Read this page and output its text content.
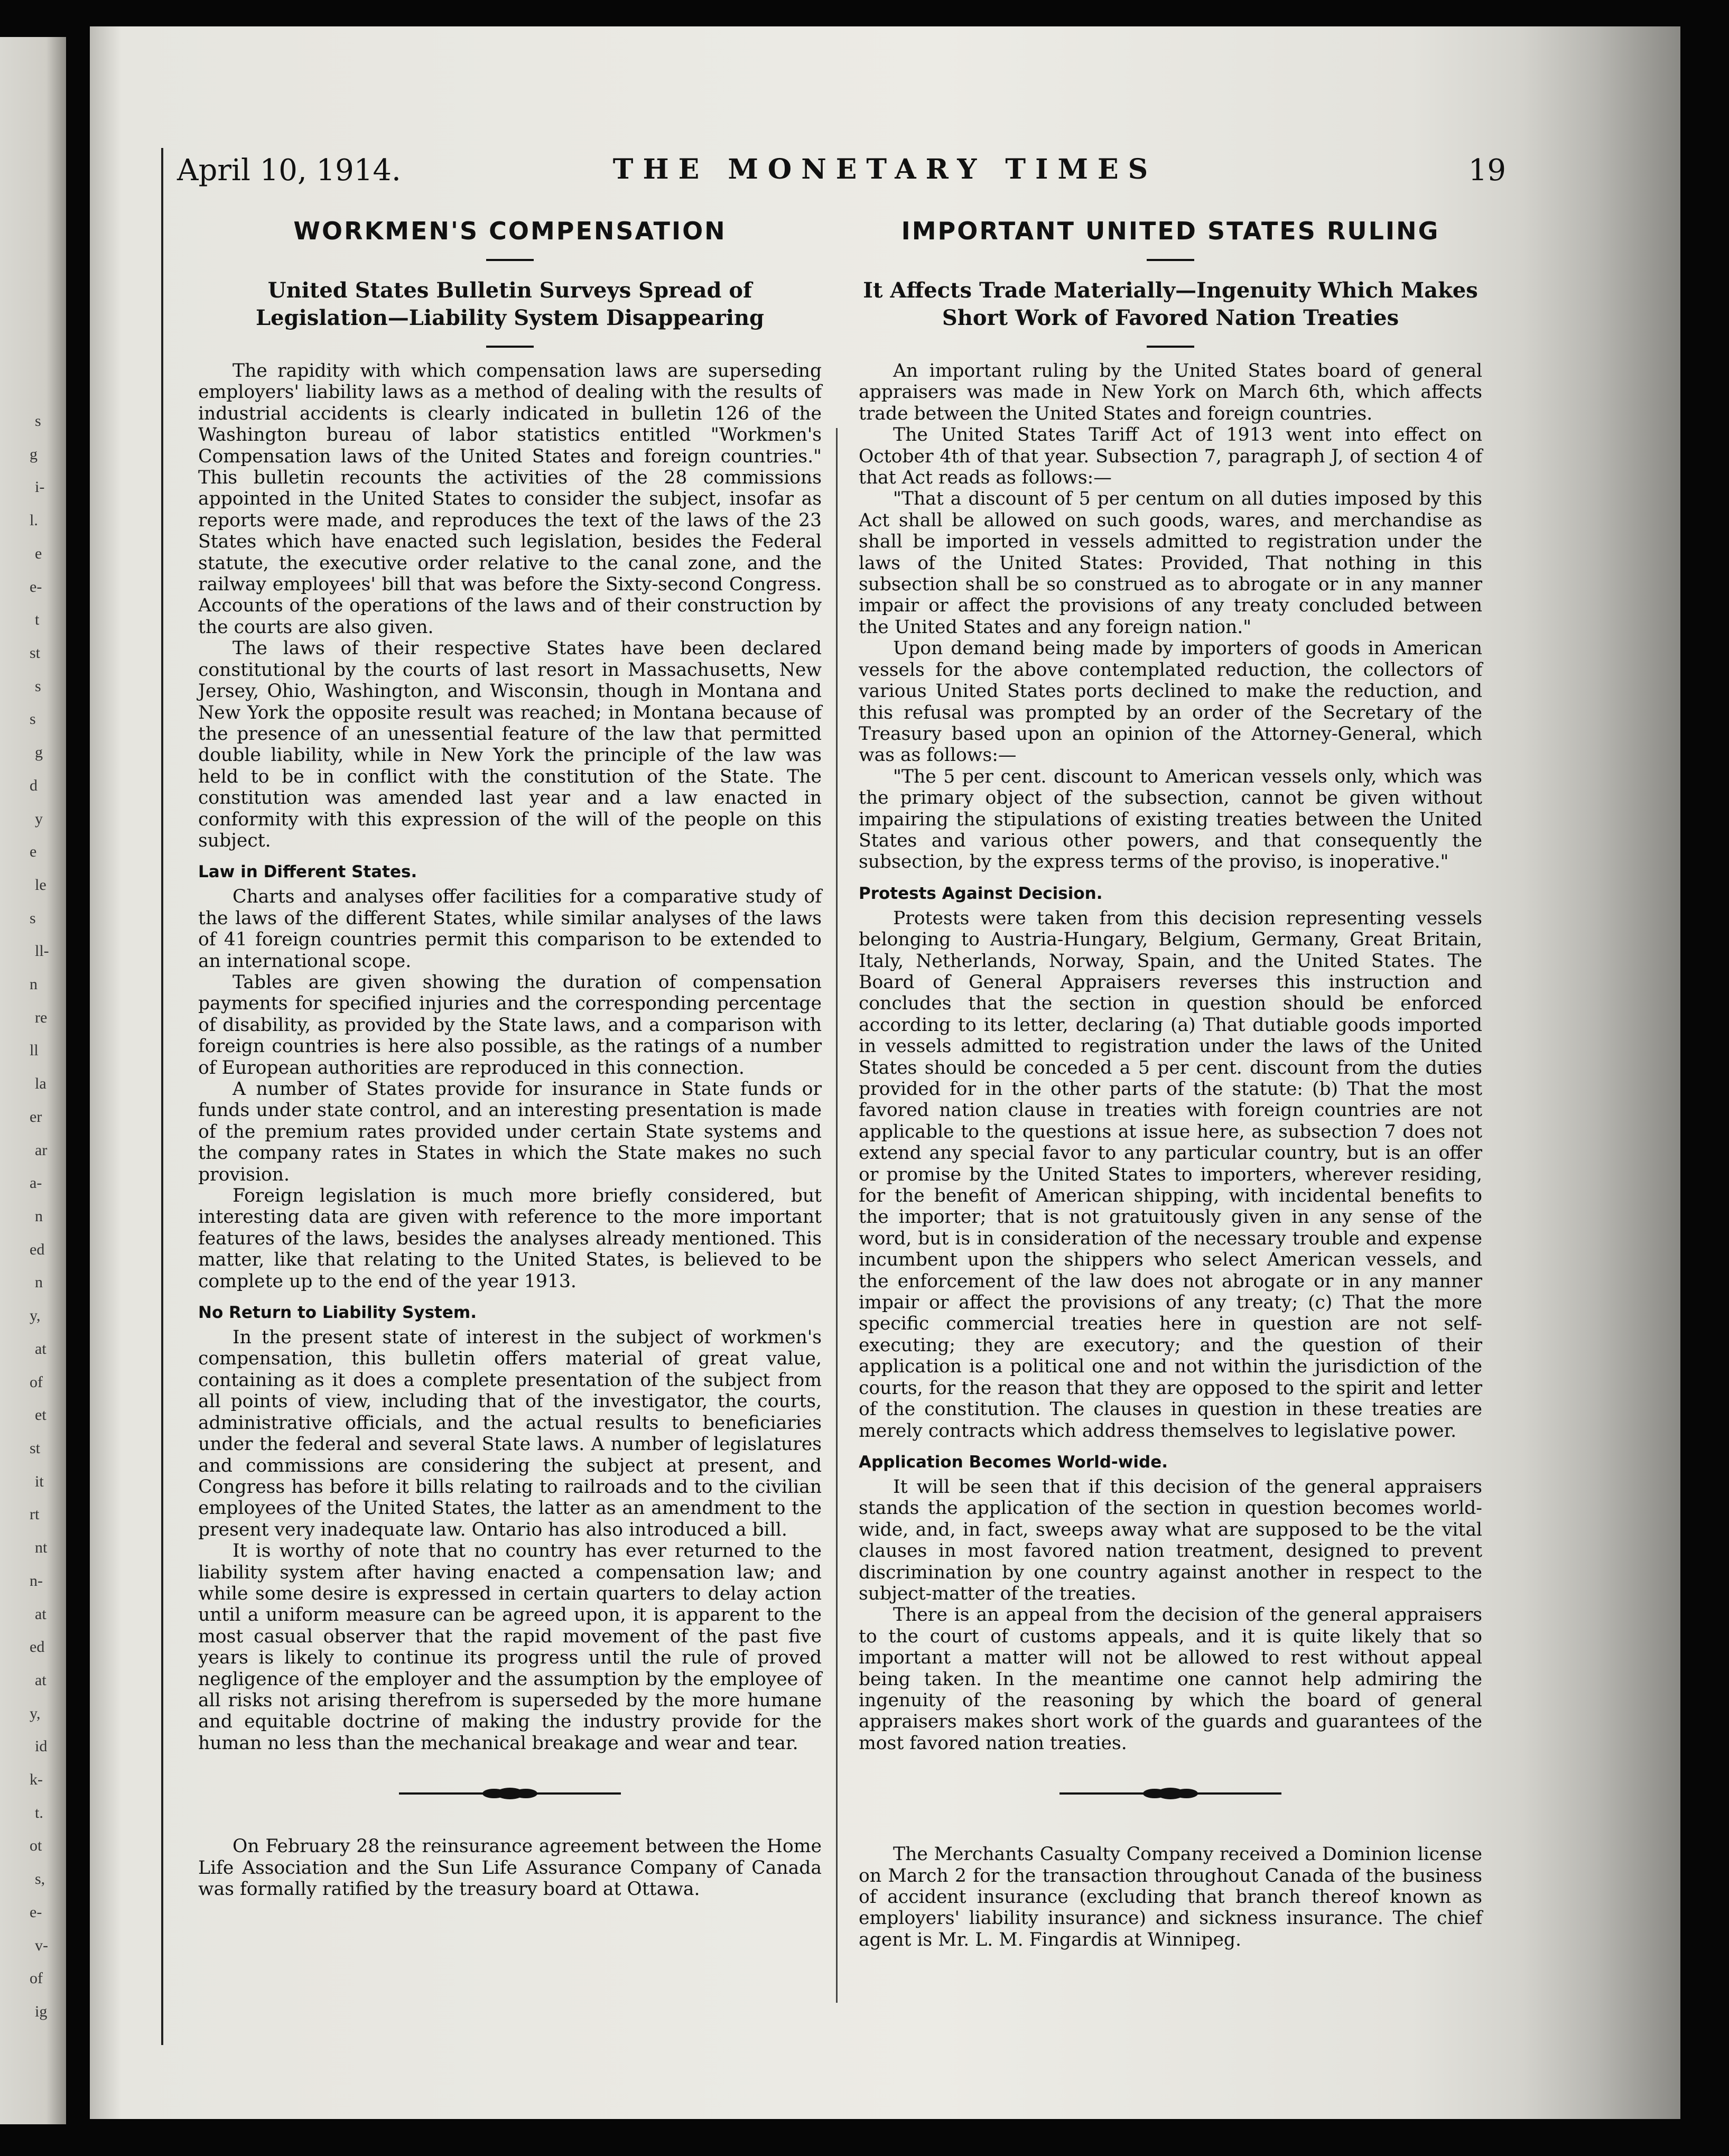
s
g
i-
l.
e
e-
t
st
s
s
g
d
y
e
le
s
ll-
n
re
ll
la
er
ar
a-
n
ed
n
y,
at
of
et
st
it
rt
nt
n-
at
ed
at
y,
id
k-
t.
ot
s,
e-
v-
of
ig
April 10, 1914.	THE MONETARY TIMES	19
WORKMEN'S COMPENSATION
United States Bulletin Surveys Spread of Legislation—Liability System Disappearing

The rapidity with which compensation laws are superseding employers' liability laws as a method of dealing with the results of industrial accidents is clearly indicated in bulletin 126 of the Washington bureau of labor statistics entitled "Workmen's Compensation laws of the United States and foreign countries." This bulletin recounts the activities of the 28 commissions appointed in the United States to consider the subject, insofar as reports were made, and reproduces the text of the laws of the 23 States which have enacted such legislation, besides the Federal statute, the executive order relative to the canal zone, and the railway employees' bill that was before the Sixty-second Congress. Accounts of the operations of the laws and of their construction by the courts are also given.

The laws of their respective States have been declared constitutional by the courts of last resort in Massachusetts, New Jersey, Ohio, Washington, and Wisconsin, though in Montana and New York the opposite result was reached; in Montana because of the presence of an unessential feature of the law that permitted double liability, while in New York the principle of the law was held to be in conflict with the constitution of the State. The constitution was amended last year and a law enacted in conformity with this expression of the will of the people on this subject.

Law in Different States.

Charts and analyses offer facilities for a comparative study of the laws of the different States, while similar analyses of the laws of 41 foreign countries permit this comparison to be extended to an international scope.

Tables are given showing the duration of compensation payments for specified injuries and the corresponding percentage of disability, as provided by the State laws, and a comparison with foreign countries is here also possible, as the ratings of a number of European authorities are reproduced in this connection.

A number of States provide for insurance in State funds or funds under state control, and an interesting presentation is made of the premium rates provided under certain State systems and the company rates in States in which the State makes no such provision.

Foreign legislation is much more briefly considered, but interesting data are given with reference to the more important features of the laws, besides the analyses already mentioned. This matter, like that relating to the United States, is believed to be complete up to the end of the year 1913.

No Return to Liability System.

In the present state of interest in the subject of workmen's compensation, this bulletin offers material of great value, containing as it does a complete presentation of the subject from all points of view, including that of the investigator, the courts, administrative officials, and the actual results to beneficiaries under the federal and several State laws. A number of legislatures and commissions are considering the subject at present, and Congress has before it bills relating to railroads and to the civilian employees of the United States, the latter as an amendment to the present very inadequate law. Ontario has also introduced a bill.

It is worthy of note that no country has ever returned to the liability system after having enacted a compensation law; and while some desire is expressed in certain quarters to delay action until a uniform measure can be agreed upon, it is apparent to the most casual observer that the rapid movement of the past five years is likely to continue its progress until the rule of proved negligence of the employer and the assumption by the employee of all risks not arising therefrom is superseded by the more humane and equitable doctrine of making the industry provide for the human no less than the mechanical breakage and wear and tear.

On February 28 the reinsurance agreement between the Home Life Association and the Sun Life Assurance Company of Canada was formally ratified by the treasury board at Ottawa.

IMPORTANT UNITED STATES RULING
It Affects Trade Materially—Ingenuity Which Makes Short Work of Favored Nation Treaties

An important ruling by the United States board of general appraisers was made in New York on March 6th, which affects trade between the United States and foreign countries.

The United States Tariff Act of 1913 went into effect on October 4th of that year. Subsection 7, paragraph J, of section 4 of that Act reads as follows:—

"That a discount of 5 per centum on all duties imposed by this Act shall be allowed on such goods, wares, and merchandise as shall be imported in vessels admitted to registration under the laws of the United States: Provided, That nothing in this subsection shall be so construed as to abrogate or in any manner impair or affect the provisions of any treaty concluded between the United States and any foreign nation."

Upon demand being made by importers of goods in American vessels for the above contemplated reduction, the collectors of various United States ports declined to make the reduction, and this refusal was prompted by an order of the Secretary of the Treasury based upon an opinion of the Attorney-General, which was as follows:—

"The 5 per cent. discount to American vessels only, which was the primary object of the subsection, cannot be given without impairing the stipulations of existing treaties between the United States and various other powers, and that consequently the subsection, by the express terms of the proviso, is inoperative."

Protests Against Decision.

Protests were taken from this decision representing vessels belonging to Austria-Hungary, Belgium, Germany, Great Britain, Italy, Netherlands, Norway, Spain, and the United States. The Board of General Appraisers reverses this instruction and concludes that the section in question should be enforced according to its letter, declaring (a) That dutiable goods imported in vessels admitted to registration under the laws of the United States should be conceded a 5 per cent. discount from the duties provided for in the other parts of the statute: (b) That the most favored nation clause in treaties with foreign countries are not applicable to the questions at issue here, as subsection 7 does not extend any special favor to any particular country, but is an offer or promise by the United States to importers, wherever residing, for the benefit of American shipping, with incidental benefits to the importer; that is not gratuitously given in any sense of the word, but is in consideration of the necessary trouble and expense incumbent upon the shippers who select American vessels, and the enforcement of the law does not abrogate or in any manner impair or affect the provisions of any treaty; (c) That the more specific commercial treaties here in question are not self-executing; they are executory; and the question of their application is a political one and not within the jurisdiction of the courts, for the reason that they are opposed to the spirit and letter of the constitution. The clauses in question in these treaties are merely contracts which address themselves to legislative power.

Application Becomes World-wide.

It will be seen that if this decision of the general appraisers stands the application of the section in question becomes world-wide, and, in fact, sweeps away what are supposed to be the vital clauses in most favored nation treatment, designed to prevent discrimination by one country against another in respect to the subject-matter of the treaties.

There is an appeal from the decision of the general appraisers to the court of customs appeals, and it is quite likely that so important a matter will not be allowed to rest without appeal being taken. In the meantime one cannot help admiring the ingenuity of the reasoning by which the board of general appraisers makes short work of the guards and guarantees of the most favored nation treaties.

The Merchants Casualty Company received a Dominion license on March 2 for the transaction throughout Canada of the business of accident insurance (excluding that branch thereof known as employers' liability insurance) and sickness insurance. The chief agent is Mr. L. M. Fingardis at Winnipeg.
